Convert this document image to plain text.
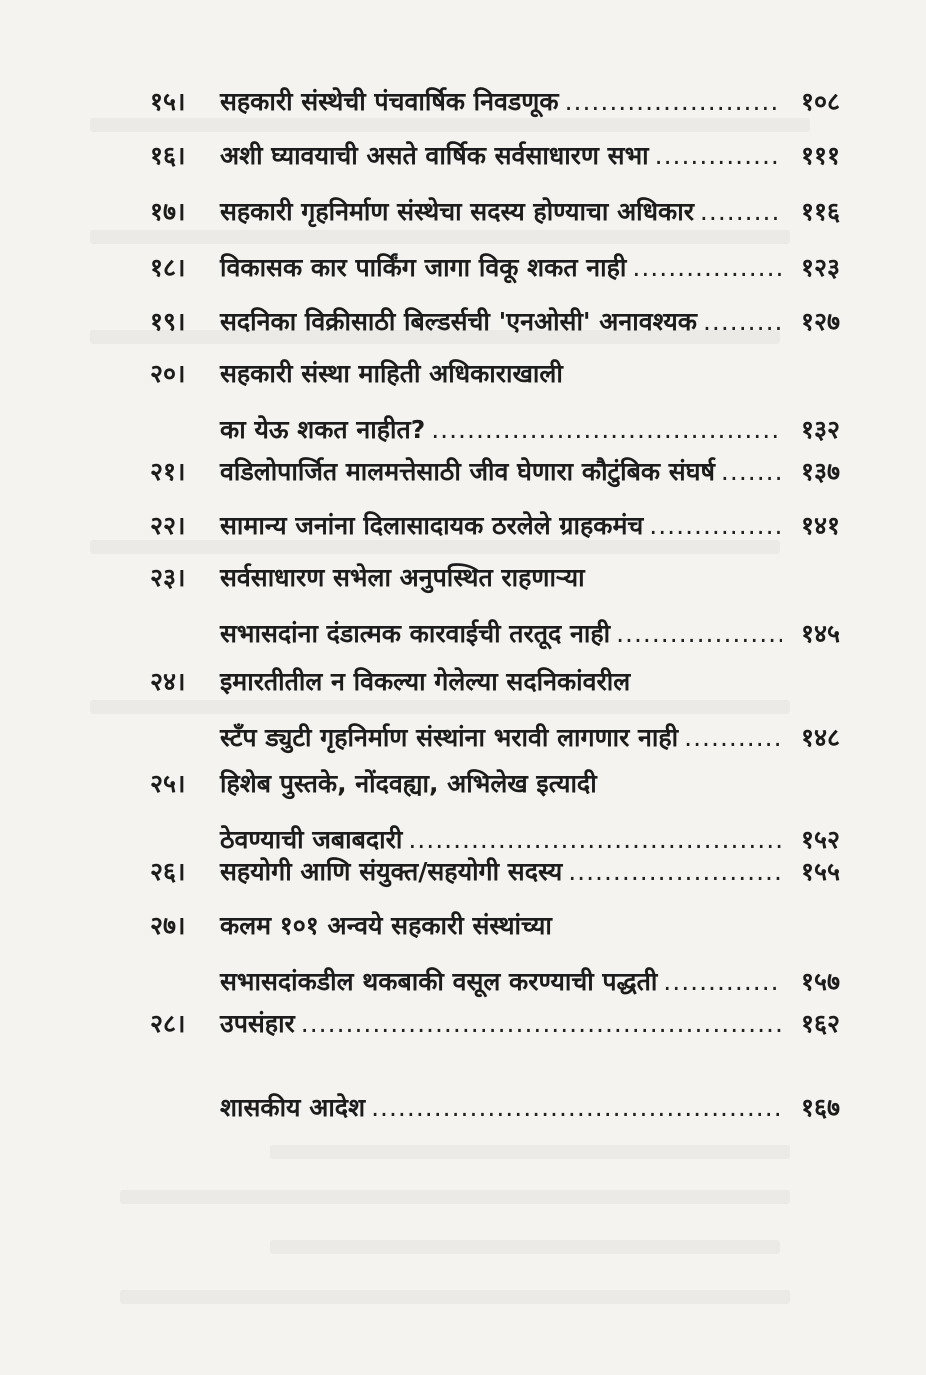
१५।	सहकारी संस्थेची पंचवार्षिक निवडणूक .....	१०८
१६।	अशी घ्यावयाची असते वार्षिक सर्वसाधारण सभा .....	१११
१७।	सहकारी गृहनिर्माण संस्थेचा सदस्य होण्याचा अधिकार .....	११६
१८।	विकासक कार पार्किंग जागा विकू शकत नाही .....	१२३
१९।	सदनिका विक्रीसाठी बिल्डर्सची 'एनओसी' अनावश्यक .....	१२७
२०।	सहकारी संस्था माहिती अधिकाराखाली
का येऊ शकत नाहीत? .....	१३२
२१।	वडिलोपार्जित मालमत्तेसाठी जीव घेणारा कौटुंबिक संघर्ष .....	१३७
२२।	सामान्य जनांना दिलासादायक ठरलेले ग्राहकमंच .....	१४१
२३।	सर्वसाधारण सभेला अनुपस्थित राहणाऱ्या
सभासदांना दंडात्मक कारवाईची तरतूद नाही .....	१४५
२४।	इमारतीतील न विकल्या गेलेल्या सदनिकांवरील
स्टँप ड्युटी गृहनिर्माण संस्थांना भरावी लागणार नाही .....	१४८
२५।	हिशेब पुस्तके, नोंदवह्या, अभिलेख इत्यादी
ठेवण्याची जबाबदारी .....	१५२
२६।	सहयोगी आणि संयुक्त/सहयोगी सदस्य .....	१५५
२७।	कलम १०१ अन्वये सहकारी संस्थांच्या
सभासदांकडील थकबाकी वसूल करण्याची पद्धती .....	१५७
२८।	उपसंहार .....	१६२
शासकीय आदेश .....	१६७
